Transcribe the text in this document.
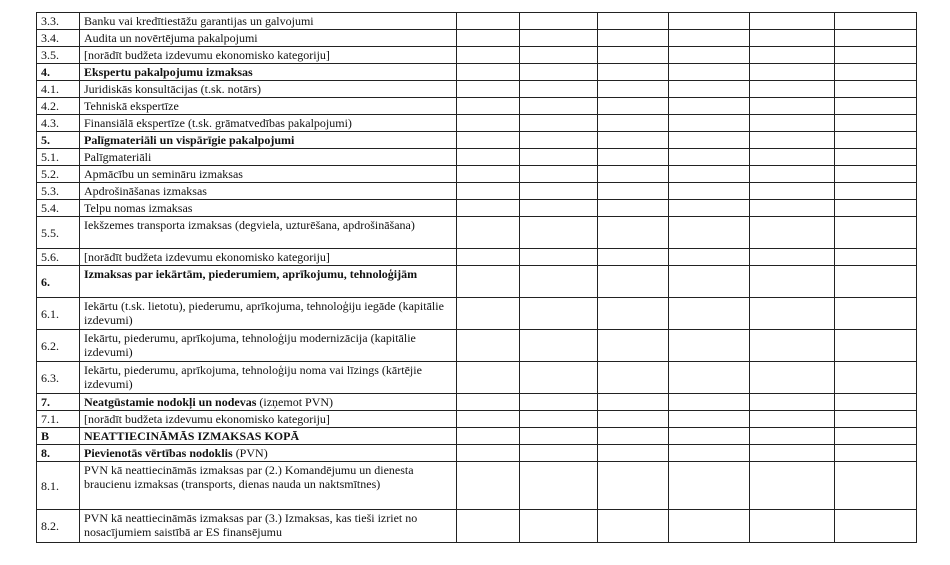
3.3.	Banku vai kredītiestāžu garantijas un galvojumi						
3.4.	Audita un novērtējuma pakalpojumi						
3.5.	[norādīt budžeta izdevumu ekonomisko kategoriju]						
4.	Ekspertu pakalpojumu izmaksas						
4.1.	Juridiskās konsultācijas (t.sk. notārs)						
4.2.	Tehniskā ekspertīze						
4.3.	Finansiālā ekspertīze (t.sk. grāmatvedības pakalpojumi)						
5.	Palīgmateriāli un vispārīgie pakalpojumi						
5.1.	Palīgmateriāli						
5.2.	Apmācību un semināru izmaksas						
5.3.	Apdrošināšanas izmaksas						
5.4.	Telpu nomas izmaksas						
5.5.	Iekšzemes transporta izmaksas (degviela, uzturēšana, apdrošināšana)						
5.6.	[norādīt budžeta izdevumu ekonomisko kategoriju]						
6.	Izmaksas par iekārtām, piederumiem, aprīkojumu, tehnoloģijām						
6.1.	Iekārtu (t.sk. lietotu), piederumu, aprīkojuma, tehnoloģiju iegāde (kapitālie izdevumi)						
6.2.	Iekārtu, piederumu, aprīkojuma, tehnoloģiju modernizācija (kapitālie izdevumi)						
6.3.	Iekārtu, piederumu, aprīkojuma, tehnoloģiju noma vai līzings (kārtējie izdevumi)						
7.	Neatgūstamie nodokļi un nodevas (izņemot PVN)						
7.1.	[norādīt budžeta izdevumu ekonomisko kategoriju]						
B	NEATTIECINĀMĀS IZMAKSAS KOPĀ						
8.	Pievienotās vērtības nodoklis (PVN)						
8.1.	PVN kā neattiecināmās izmaksas par (2.) Komandējumu un dienesta braucienu izmaksas (transports, dienas nauda un naktsmītnes)						
8.2.	PVN kā neattiecināmās izmaksas par (3.) Izmaksas, kas tieši izriet no nosacījumiem saistībā ar ES finansējumu						
